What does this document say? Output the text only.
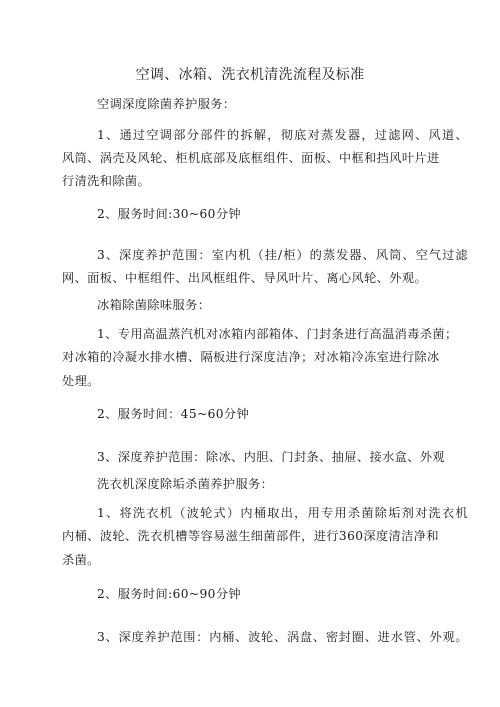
空调、冰箱、洗衣机清洗流程及标准
空调深度除菌养护服务：
1、通过空调部分部件的拆解，彻底对蒸发器，过滤网、风道、
风筒、涡壳及风轮、柜机底部及底框组件、面板、中框和挡风叶片进
行清洗和除菌。
2、服务时间:30~60分钟
3、深度养护范围：室内机（挂/柜）的蒸发器、风筒、空气过滤
网、面板、中框组件、出风框组件、导风叶片、离心风轮、外观。
冰箱除菌除味服务：
1、专用高温蒸汽机对冰箱内部箱体、门封条进行高温消毒杀菌；
对冰箱的冷凝水排水槽、隔板进行深度洁净；对冰箱冷冻室进行除冰
处理。
2、服务时间：45~60分钟
3、深度养护范围：除冰、内胆、门封条、抽屉、接水盒、外观
洗衣机深度除垢杀菌养护服务：
1、将洗衣机（波轮式）内桶取出，用专用杀菌除垢剂对洗衣机
内桶、波轮、洗衣机槽等容易滋生细菌部件，进行360深度清洁净和
杀菌。
2、服务时间:60~90分钟
3、深度养护范围：内桶、波轮、涡盘、密封圈、进水管、外观。
